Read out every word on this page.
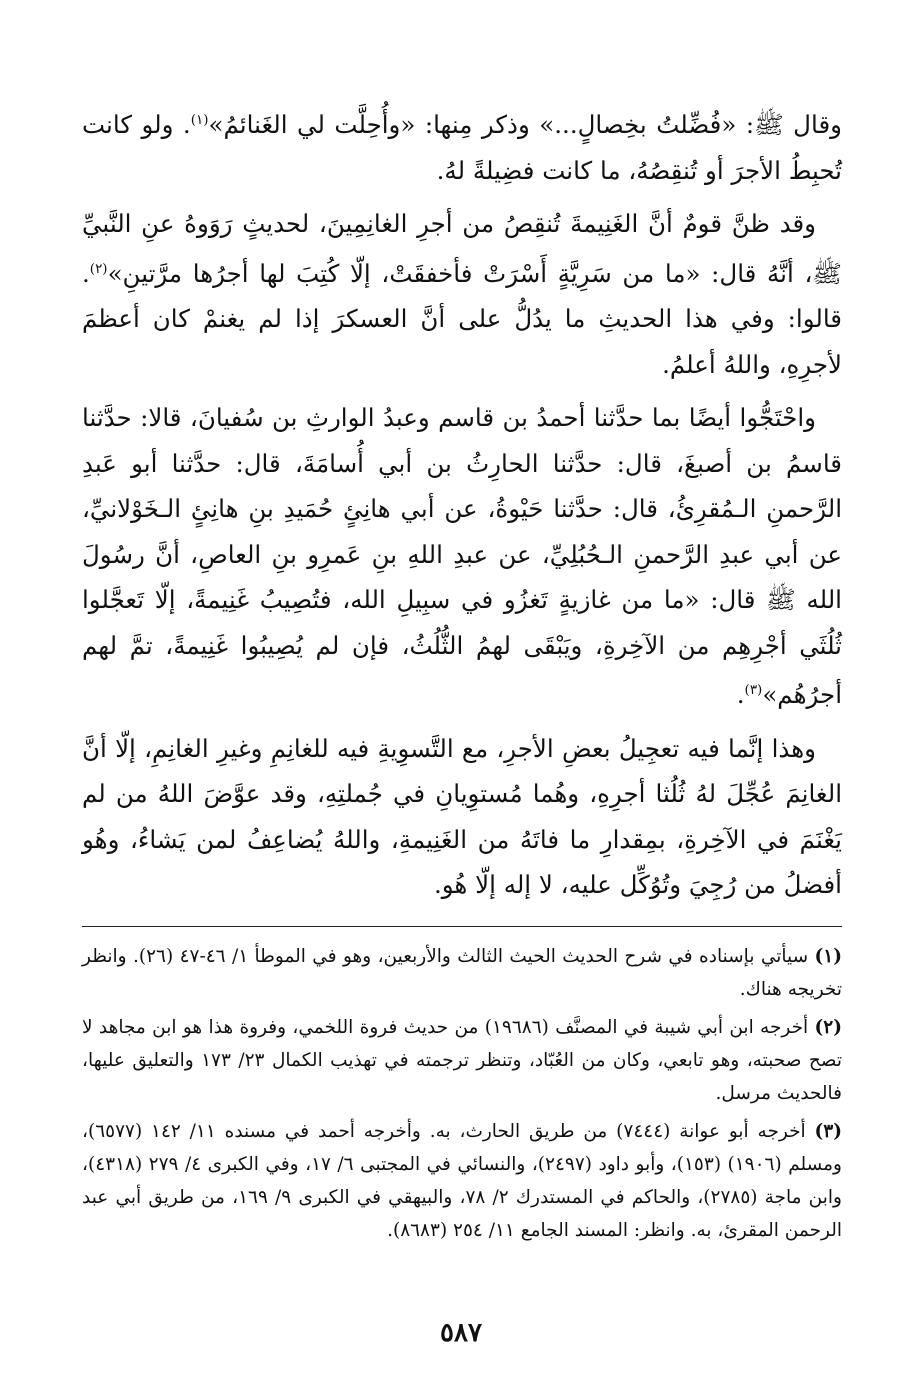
وقال ﷺ: «فُضِّلتُ بخِصالٍ...» وذكر مِنها: «وأُحِلَّت لي الغَنائمُ»$^{(١)}$. ولو كانت تُحبِطُ الأجرَ أو تُنقِصُهُ، ما كانت فضِيلةً لهُ.

وقد ظنَّ قومٌ أنَّ الغَنِيمةَ تُنقِصُ من أجرِ الغانِمِينَ، لحديثٍ رَوَوهُ عنِ النَّبيِّ ﷺ، أنَّهُ قال: «ما من سَرِيَّةٍ أَسْرَتْ فأخفقَتْ، إلّا كُتِبَ لها أجرُها مرَّتينِ»$^{(٢)}$. قالوا: وفي هذا الحديثِ ما يدُلُّ على أنَّ العسكرَ إذا لم يغنمْ كان أعظمَ لأجرِهِ، واللهُ أعلمُ.

واحْتَجُّوا أيضًا بما حدَّثنا أحمدُ بن قاسم وعبدُ الوارثِ بن سُفيانَ، قالا: حدَّثنا قاسمُ بن أصبغَ، قال: حدَّثنا الحارِثُ بن أبي أُسامَةَ، قال: حدَّثنا أبو عَبدِ الرَّحمنِ الـمُقرِئُ، قال: حدَّثنا حَيْوةُ، عن أبي هانِئٍ حُمَيدِ بنِ هانِئٍ الـخَوْلانيِّ، عن أبي عبدِ الرَّحمنِ الـحُبُلِيِّ، عن عبدِ اللهِ بنِ عَمرِو بنِ العاصِ، أنَّ رسُولَ الله ﷺ قال: «ما من غازيةٍ تَغزُو في سبِيلِ الله، فتُصِيبُ غَنِيمةً، إلّا تَعجَّلوا ثُلُثَي أجْرِهِم من الآخِرةِ، ويَبْقَى لهمُ الثُّلُثُ، فإن لم يُصِيبُوا غَنِيمةً، تمَّ لهم أجرُهُم»$^{(٣)}$.

وهذا إنَّما فيه تعجِيلُ بعضِ الأجرِ، مع التَّسوِيةِ فيه للغانِمِ وغيرِ الغانِمِ، إلّا أنَّ الغانِمَ عُجِّلَ لهُ ثُلُثا أجرِهِ، وهُما مُستوِيانِ في جُملتِهِ، وقد عوَّضَ اللهُ من لم يَغْنَمَ في الآخِرةِ، بمِقدارِ ما فاتَهُ من الغَنِيمةِ، واللهُ يُضاعِفُ لمن يَشاءُ، وهُو أفضلُ من رُجِيَ وتُوُكِّل عليه، لا إله إلّا هُو.

(١) سيأتي بإسناده في شرح الحديث الحيث الثالث والأربعين، وهو في الموطأ ١/ ٤٦-٤٧ (٢٦). وانظر تخريجه هناك.

(٢) أخرجه ابن أبي شيبة في المصنَّف (١٩٦٨٦) من حديث فروة اللخمي، وفروة هذا هو ابن مجاهد لا تصح صحبته، وهو تابعي، وكان من العُبّاد، وتنظر ترجمته في تهذيب الكمال ٢٣/ ١٧٣ والتعليق عليها، فالحديث مرسل.

(٣) أخرجه أبو عوانة (٧٤٤٤) من طريق الحارث، به. وأخرجه أحمد في مسنده ١١/ ١٤٢ (٦٥٧٧)، ومسلم (١٩٠٦) (١٥٣)، وأبو داود (٢٤٩٧)، والنسائي في المجتبى ٦/ ١٧، وفي الكبرى ٤/ ٢٧٩ (٤٣١٨)، وابن ماجة (٢٧٨٥)، والحاكم في المستدرك ٢/ ٧٨، والبيهقي في الكبرى ٩/ ١٦٩، من طريق أبي عبد الرحمن المقرئ، به. وانظر: المسند الجامع ١١/ ٢٥٤ (٨٦٨٣).

٥٨٧
